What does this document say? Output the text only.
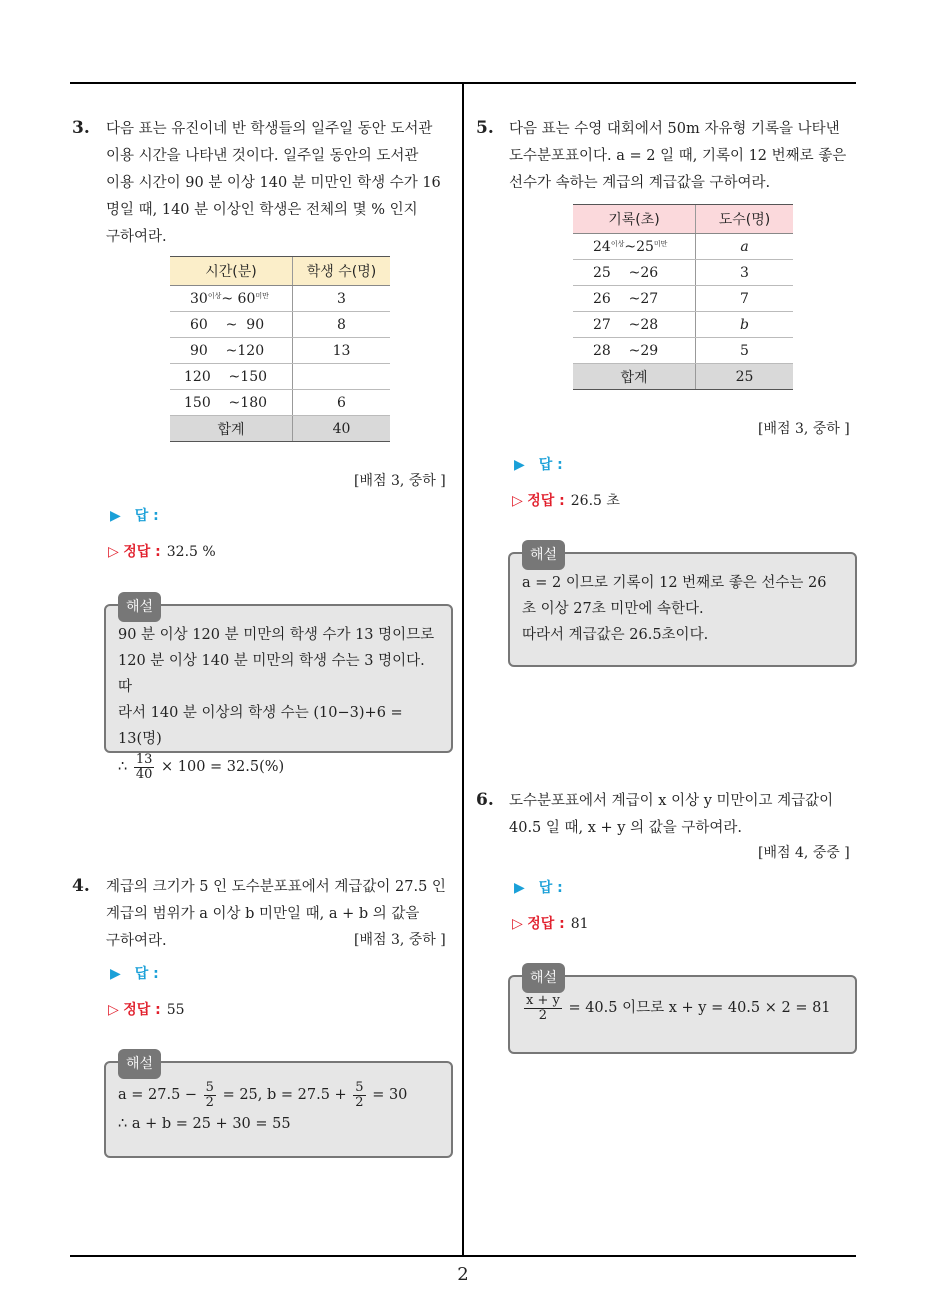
3. 다음 표는 유진이네 반 학생들의 일주일 동안 도서관
이용 시간을 나타낸 것이다. 일주일 동안의 도서관
이용 시간이 90 분 이상 140 분 미만인 학생 수가 16
명일 때, 140 분 이상인 학생은 전체의 몇 % 인지
구하여라.
시간(분)	학생 수(명)
$30^{이상}\sim$ $60^{미만}$	3
60 ~ 90	8
90 ~120	13
120 ~150	
150 ~180	6
합계	40
[배점 3, 중하 ]
▶ 답 :
▷ 정답 : 32.5 %
해설
90 분 이상 120 분 미만의 학생 수가 13 명이므로
120 분 이상 140 분 미만의 학생 수는 3 명이다. 따
라서 140 분 이상의 학생 수는 (10−3)+6 = 13(명)
∴ $\frac{13}{40} \times 100 = 32.5(\%)$
4. 계급의 크기가 5 인 도수분포표에서 계급값이 27.5 인
계급의 범위가 a 이상 b 미만일 때, a + b 의 값을
구하여라.	[배점 3, 중하 ]
▶ 답 :
▷ 정답 : 55
해설
$a = 27.5 - \frac{5}{2} = 25$, $b = 27.5 + \frac{5}{2} = 30$
∴ a + b = 25 + 30 = 55
5. 다음 표는 수영 대회에서 50m 자유형 기록을 나타낸
도수분포표이다. a = 2 일 때, 기록이 12 번째로 좋은
선수가 속하는 계급의 계급값을 구하여라.
기록(초)	도수(명)
$24^{이상}\sim 25^{미만}$	a
25 ~26	3
26 ~27	7
27 ~28	b
28 ~29	5
합계	25
[배점 3, 중하 ]
▶ 답 :
▷ 정답 : 26.5 초
해설
a = 2 이므로 기록이 12 번째로 좋은 선수는 26
초 이상 27초 미만에 속한다.
따라서 계급값은 26.5초이다.
6. 도수분포표에서 계급이 x 이상 y 미만이고 계급값이
40.5 일 때, x + y 의 값을 구하여라.
[배점 4, 중중 ]
▶ 답 :
▷ 정답 : 81
해설
$\frac{x + y}{2} = 40.5$ 이므로 x + y = 40.5 × 2 = 81
2
